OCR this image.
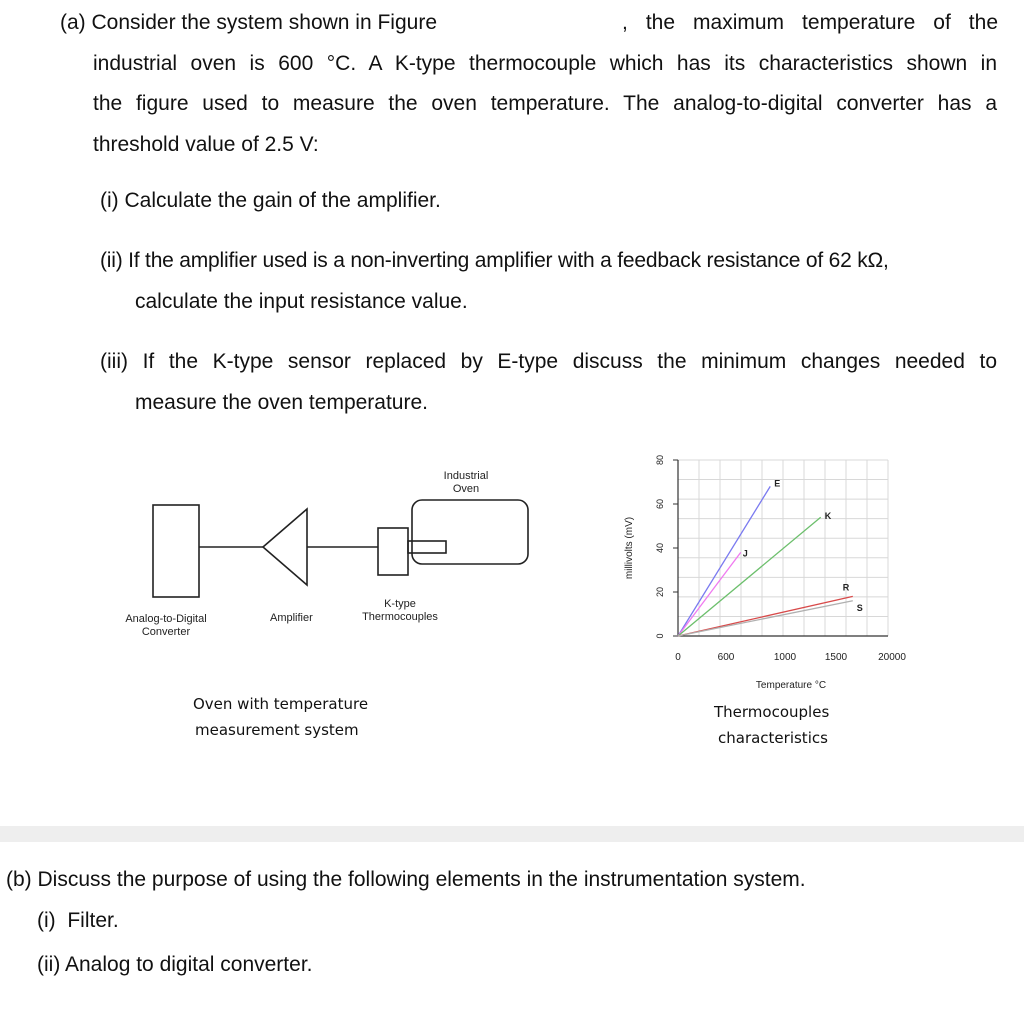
(a) Consider the system shown in Figure	, the maximum temperature of the
industrial oven is 600 °C. A K-type thermocouple which has its characteristics shown in
the figure used to measure the oven temperature. The analog-to-digital converter has a
threshold value of 2.5 V:
(i) Calculate the gain of the amplifier.
(ii) If the amplifier used is a non-inverting amplifier with a feedback resistance of 62 kΩ,
calculate the input resistance value.
(iii) If the K-type sensor replaced by E-type discuss the minimum changes needed to
measure the oven temperature.
Industrial Oven
Analog-to-Digital Converter
Amplifier
K-type Thermocouples
Oven with temperature
measurement system
0
20
40
60
80
0	600	1000	1500	20000
millivolts (mV)
Temperature °C
E
J
K
R
S
Thermocouples
characteristics
(b) Discuss the purpose of using the following elements in the instrumentation system.
(i)  Filter.
(ii) Analog to digital converter.
